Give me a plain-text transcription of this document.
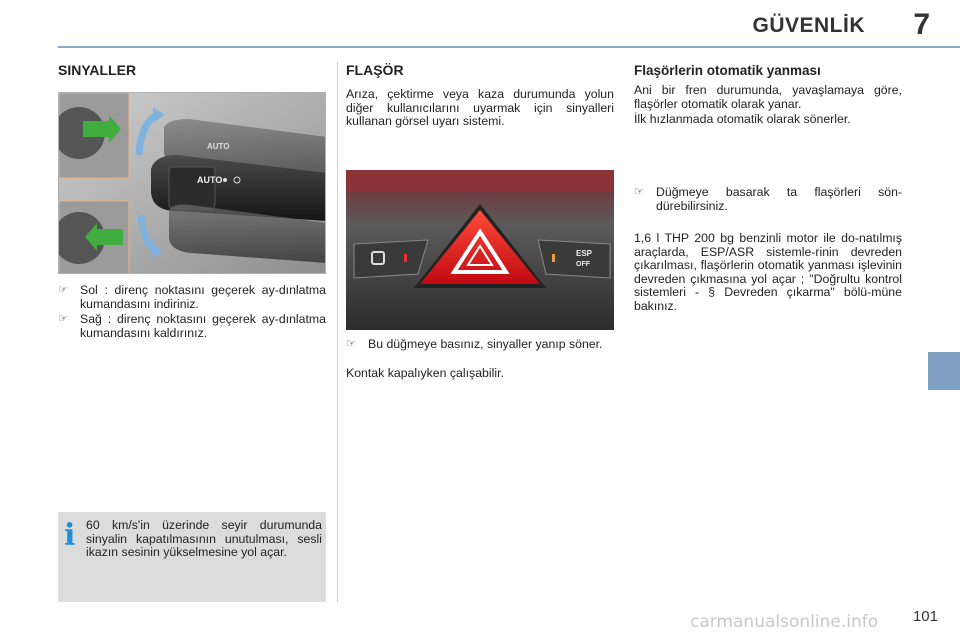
GÜVENLİK 7
SINYALLER
AUTO
AUTO
☞ Sol : direnç noktasını geçerek ay-dınlatma kumandasını indiriniz.
☞ Sağ : direnç noktasını geçerek ay-dınlatma kumandasını kaldırınız.
i 60 km/s'in üzerinde seyir durumunda sinyalin kapatılmasının unutulması, sesli ikazın sesinin yükselmesine yol açar.
FLAŞÖR
Arıza, çektirme veya kaza durumunda yolun diğer kullanıcılarını uyarmak için sinyalleri kullanan görsel uyarı sistemi.
ESP
OFF
☞ Bu düğmeye basınız, sinyaller yanıp söner.
Kontak kapalıyken çalışabilir.
Flaşörlerin otomatik yanması
Ani bir fren durumunda, yavaşlamaya göre, flaşörler otomatik olarak yanar.
İlk hızlanmada otomatik olarak sönerler.
☞ Düğmeye basarak ta flaşörleri sön-dürebilirsiniz.
1,6 l THP 200 bg benzinli motor ile do-natılmış araçlarda, ESP/ASR sistemle-rinin devreden çıkarılması, flaşörlerin otomatik yanması işlevinin devreden çıkmasına yol açar ; "Doğrultu kontrol sistemleri - § Devreden çıkarma" bölü-müne bakınız.
101
carmanualsonline.info
